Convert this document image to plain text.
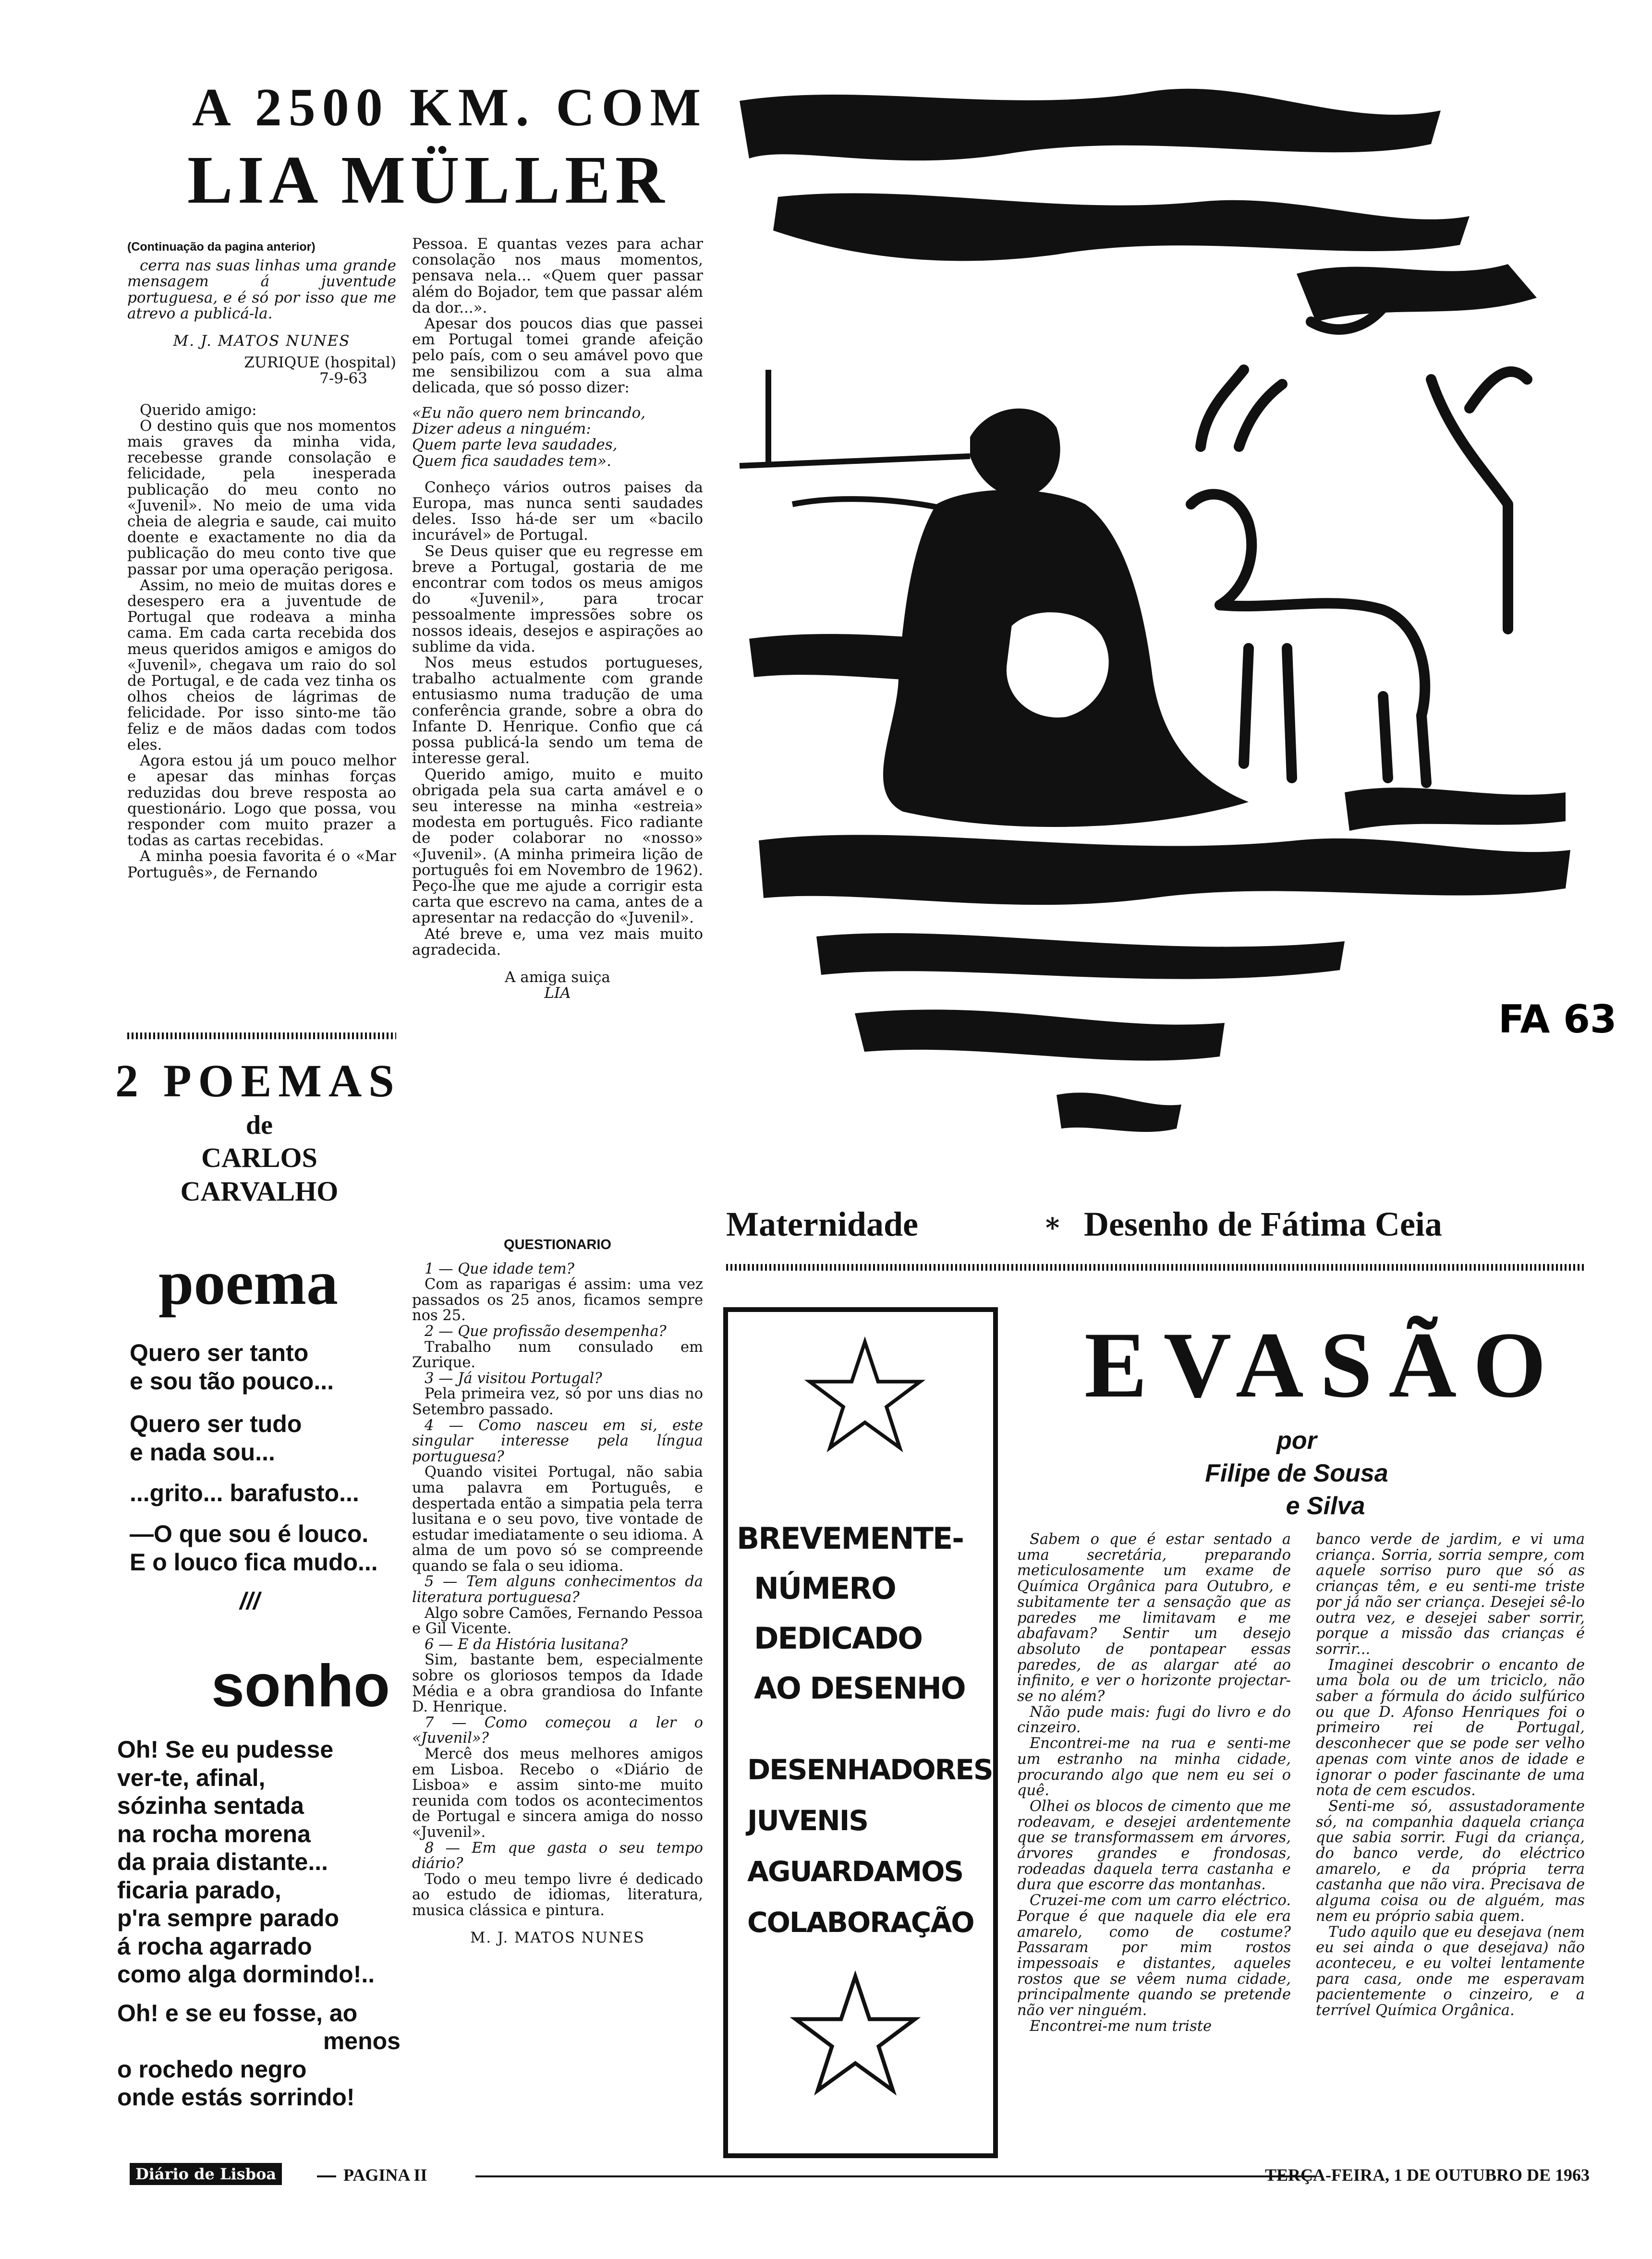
A 2500 KM. COM
LIA MÜLLER
(Continuação da pagina anterior)

cerra nas suas linhas uma grande mensagem á juventude portuguesa, e é só por isso que me atrevo a publicá-la.

M. J. MATOS NUNES
ZURIQUE (hospital)
7-9-63

Querido amigo:

O destino quis que nos momentos mais graves da minha vida, recebesse grande consolação e felicidade, pela inesperada publicação do meu conto no «Juvenil». No meio de uma vida cheia de alegria e saude, cai muito doente e exactamente no dia da publicação do meu conto tive que passar por uma operação perigosa.

Assim, no meio de muitas dores e desespero era a juventude de Portugal que rodeava a minha cama. Em cada carta recebida dos meus queridos amigos e amigos do «Juvenil», chegava um raio do sol de Portugal, e de cada vez tinha os olhos cheios de lágrimas de felicidade. Por isso sinto-me tão feliz e de mãos dadas com todos eles.

Agora estou já um pouco melhor e apesar das minhas forças reduzidas dou breve resposta ao questionário. Logo que possa, vou responder com muito prazer a todas as cartas recebidas.

A minha poesia favorita é o «Mar Português», de Fernando

Pessoa. E quantas vezes para achar consolação nos maus momentos, pensava nela... «Quem quer passar além do Bojador, tem que passar além da dor...».

Apesar dos poucos dias que passei em Portugal tomei grande afeição pelo país, com o seu amável povo que me sensibilizou com a sua alma delicada, que só posso dizer:

«Eu não quero nem brincando,
Dizer adeus a ninguém:
Quem parte leva saudades,
Quem fica saudades tem».

Conheço vários outros paises da Europa, mas nunca senti saudades deles. Isso há-de ser um «bacilo incurável» de Portugal.

Se Deus quiser que eu regresse em breve a Portugal, gostaria de me encontrar com todos os meus amigos do «Juvenil», para trocar pessoalmente impressões sobre os nossos ideais, desejos e aspirações ao sublime da vida.

Nos meus estudos portugueses, trabalho actualmente com grande entusiasmo numa tradução de uma conferência grande, sobre a obra do Infante D. Henrique. Confio que cá possa publicá-la sendo um tema de interesse geral.

Querido amigo, muito e muito obrigada pela sua carta amável e o seu interesse na minha «estreia» modesta em português. Fico radiante de poder colaborar no «nosso» «Juvenil». (A minha primeira lição de português foi em Novembro de 1962). Peço-lhe que me ajude a corrigir esta carta que escrevo na cama, antes de a apresentar na redacção do «Juvenil».

Até breve e, uma vez mais muito agradecida.

A amiga suiça
LIA
QUESTIONARIO

1 — Que idade tem?

Com as raparigas é assim: uma vez passados os 25 anos, ficamos sempre nos 25.

2 — Que profissão desempenha?

Trabalho num consulado em Zurique.

3 — Já visitou Portugal?

Pela primeira vez, só por uns dias no Setembro passado.

4 — Como nasceu em si, este singular interesse pela língua portuguesa?

Quando visitei Portugal, não sabia uma palavra em Português, e despertada então a simpatia pela terra lusitana e o seu povo, tive vontade de estudar imediatamente o seu idioma. A alma de um povo só se compreende quando se fala o seu idioma.

5 — Tem alguns conhecimentos da literatura portuguesa?

Algo sobre Camões, Fernando Pessoa e Gil Vicente.

6 — E da História lusitana?

Sim, bastante bem, especialmente sobre os gloriosos tempos da Idade Média e a obra grandiosa do Infante D. Henrique.

7 — Como começou a ler o «Juvenil»?

Mercê dos meus melhores amigos em Lisboa. Recebo o «Diário de Lisboa» e assim sinto-me muito reunida com todos os acontecimentos de Portugal e sincera amiga do nosso «Juvenil».

8 — Em que gasta o seu tempo diário?

Todo o meu tempo livre é dedicado ao estudo de idiomas, literatura, musica clássica e pintura.

M. J. MATOS NUNES
2 POEMAS
de
CARLOS
CARVALHO
poema
Quero ser tanto
e sou tão pouco...
Quero ser tudo
e nada sou...
...grito... barafusto...
—O que sou é louco.
E o louco fica mudo...
///
sonho
Oh! Se eu pudesse
ver-te, afinal,
sózinha sentada
na rocha morena
da praia distante...
ficaria parado,
p'ra sempre parado
á rocha agarrado
como alga dormindo!..
Oh! e se eu fosse, ao
menos
o rochedo negro
onde estás sorrindo!
FA 63
Maternidade	* Desenho de Fátima Ceia
BREVEMENTE-
NÚMERO
DEDICADO
AO DESENHO
DESENHADORES
JUVENIS
AGUARDAMOS
COLABORAÇÃO
EVASÃO
por
Filipe de Sousa
e Silva

Sabem o que é estar sentado a uma secretária, preparando meticulosamente um exame de Química Orgânica para Outubro, e subitamente ter a sensação que as paredes me limitavam e me abafavam? Sentir um desejo absoluto de pontapear essas paredes, de as alargar até ao infinito, e ver o horizonte projectar-se no além?

Não pude mais: fugi do livro e do cinzeiro.

Encontrei-me na rua e senti-me um estranho na minha cidade, procurando algo que nem eu sei o quê.

Olhei os blocos de cimento que me rodeavam, e desejei ardentemente que se transformassem em árvores, árvores grandes e frondosas, rodeadas daquela terra castanha e dura que escorre das montanhas.

Cruzei-me com um carro eléctrico. Porque é que naquele dia ele era amarelo, como de costume? Passaram por mim rostos impessoais e distantes, aqueles rostos que se vêem numa cidade, principalmente quando se pretende não ver ninguém.

Encontrei-me num triste

banco verde de jardim, e vi uma criança. Sorria, sorria sempre, com aquele sorriso puro que só as crianças têm, e eu senti-me triste por já não ser criança. Desejei sê-lo outra vez, e desejei saber sorrir, porque a missão das crianças é sorrir...

Imaginei descobrir o encanto de uma bola ou de um triciclo, não saber a fórmula do ácido sulfúrico ou que D. Afonso Henriques foi o primeiro rei de Portugal, desconhecer que se pode ser velho apenas com vinte anos de idade e ignorar o poder fascinante de uma nota de cem escudos.

Senti-me só, assustadoramente só, na companhia daquela criança que sabia sorrir. Fugi da criança, do banco verde, do eléctrico amarelo, e da própria terra castanha que não vira. Precisava de alguma coisa ou de alguém, mas nem eu próprio sabia quem.

Tudo aquilo que eu desejava (nem eu sei ainda o que desejava) não aconteceu, e eu voltei lentamente para casa, onde me esperavam pacientemente o cinzeiro, e a terrível Química Orgânica.

Diário de Lisboa	PAGINA II	TERÇA-FEIRA, 1 DE OUTUBRO DE 1963
